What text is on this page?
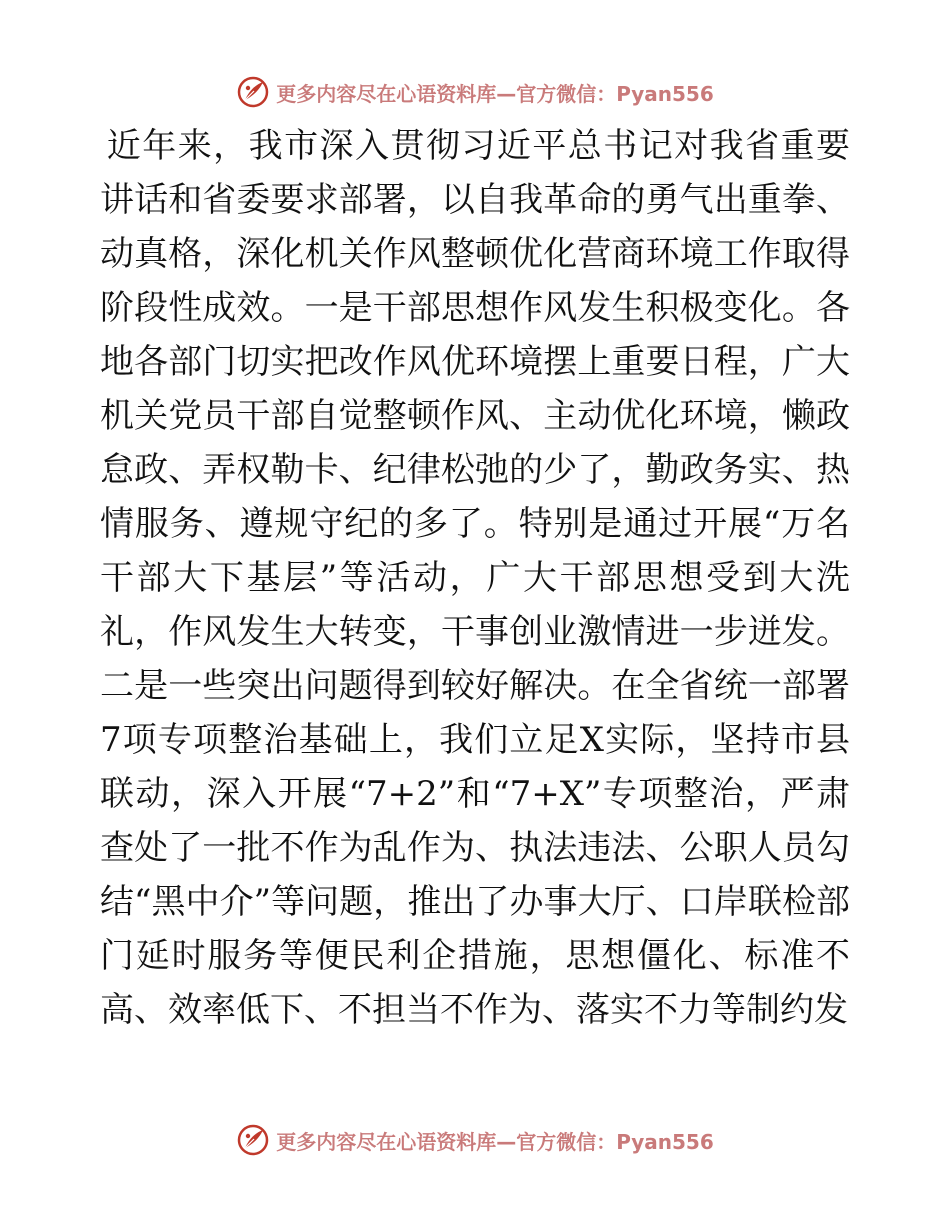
更多内容尽在心语资料库—官方微信：Pyan556

近年来，我市深入贯彻习近平总书记对我省重要讲话和省委要求部署，以自我革命的勇气出重拳、动真格，深化机关作风整顿优化营商环境工作取得阶段性成效。一是干部思想作风发生积极变化。各地各部门切实把改作风优环境摆上重要日程，广大机关党员干部自觉整顿作风、主动优化环境，懒政怠政、弄权勒卡、纪律松弛的少了，勤政务实、热情服务、遵规守纪的多了。特别是通过开展“万名干部大下基层”等活动，广大干部思想受到大洗礼，作风发生大转变，干事创业激情进一步迸发。二是一些突出问题得到较好解决。在全省统一部署7项专项整治基础上，我们立足X实际，坚持市县联动，深入开展“7+2”和“7+X”专项整治，严肃查处了一批不作为乱作为、执法违法、公职人员勾结“黑中介”等问题，推出了办事大厅、口岸联检部门延时服务等便民利企措施，思想僵化、标准不高、效率低下、不担当不作为、落实不力等制约发

更多内容尽在心语资料库—官方微信：Pyan556
